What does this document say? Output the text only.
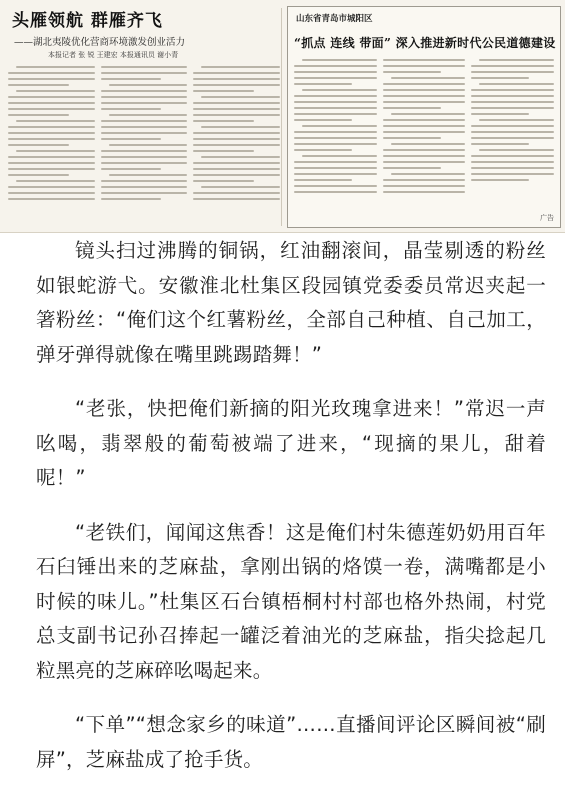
头雁领航 群雁齐飞
——湖北夷陵优化营商环境激发创业活力
本报记者 张 锐 王建宏 本报通讯员 谢小青
山东省青岛市城阳区
“抓点 连线 带面” 深入推进新时代公民道德建设
广告

镜头扫过沸腾的铜锅，红油翻滚间，晶莹剔透的粉丝如银蛇游弋。安徽淮北杜集区段园镇党委委员常迟夹起一箸粉丝：“俺们这个红薯粉丝，全部自己种植、自己加工，弹牙弹得就像在嘴里跳踢踏舞！”

“老张，快把俺们新摘的阳光玫瑰拿进来！”常迟一声吆喝，翡翠般的葡萄被端了进来，“现摘的果儿，甜着呢！”

“老铁们，闻闻这焦香！这是俺们村朱德莲奶奶用百年石臼锤出来的芝麻盐，拿刚出锅的烙馍一卷，满嘴都是小时候的味儿。”杜集区石台镇梧桐村村部也格外热闹，村党总支副书记孙召捧起一罐泛着油光的芝麻盐，指尖捻起几粒黑亮的芝麻碎吆喝起来。

“下单”“想念家乡的味道”……直播间评论区瞬间被“刷屏”，芝麻盐成了抢手货。
